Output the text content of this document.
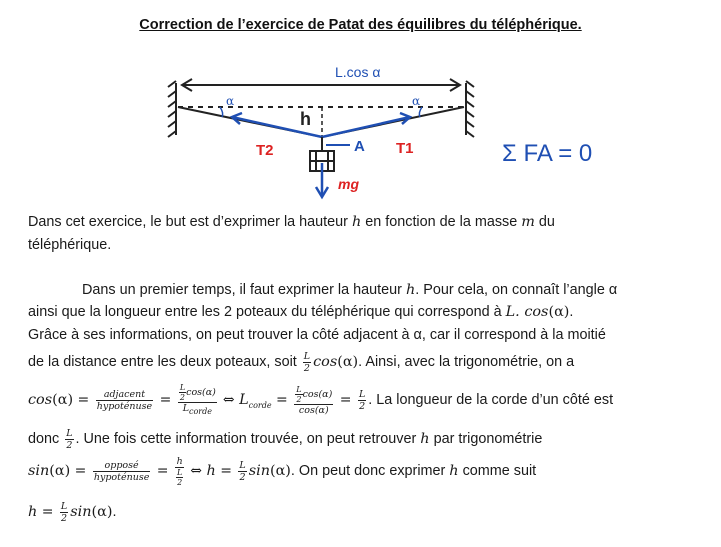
Correction de l’exercice de Patat des équilibres du téléphérique.
L.cos α
h
α	α
T2	T1
A
mg
Σ FA = 0
Dans cet exercice, le but est d’exprimer la hauteur h en fonction de la masse m du
téléphérique.
Dans un premier temps, il faut exprimer la hauteur h. Pour cela, on connaît l’angle α
ainsi que la longueur entre les 2 poteaux du téléphérique qui correspond à L. cos(α).
Grâce à ses informations, on peut trouver la côté adjacent à α, car il correspond à la moitié
de la distance entre les deux poteaux, soit $\frac{L}{2} \cos(\alpha)$. Ainsi, avec la trigonométrie, on a
$\cos(\alpha) = \frac{\text{adjacent}}{\text{hypoténuse}} = \frac{\frac{L}{2} \cos(\alpha)}{L_{corde}}$ ⇔ $L_{corde} = \frac{\frac{L}{2} \cos(\alpha)}{\cos(\alpha)} = \frac{L}{2}$ . La longueur de la corde d’un côté est
donc $\frac{L}{2}$ . Une fois cette information trouvée, on peut retrouver h par trigonométrie
$\sin(\alpha) = \frac{\text{opposé}}{\text{hypoténuse}} = \frac{h}{\frac{L}{2}}$ ⇔ $h = \frac{L}{2} \sin(\alpha)$. On peut donc exprimer h comme suit
$h = \frac{L}{2} \sin(\alpha)$.
